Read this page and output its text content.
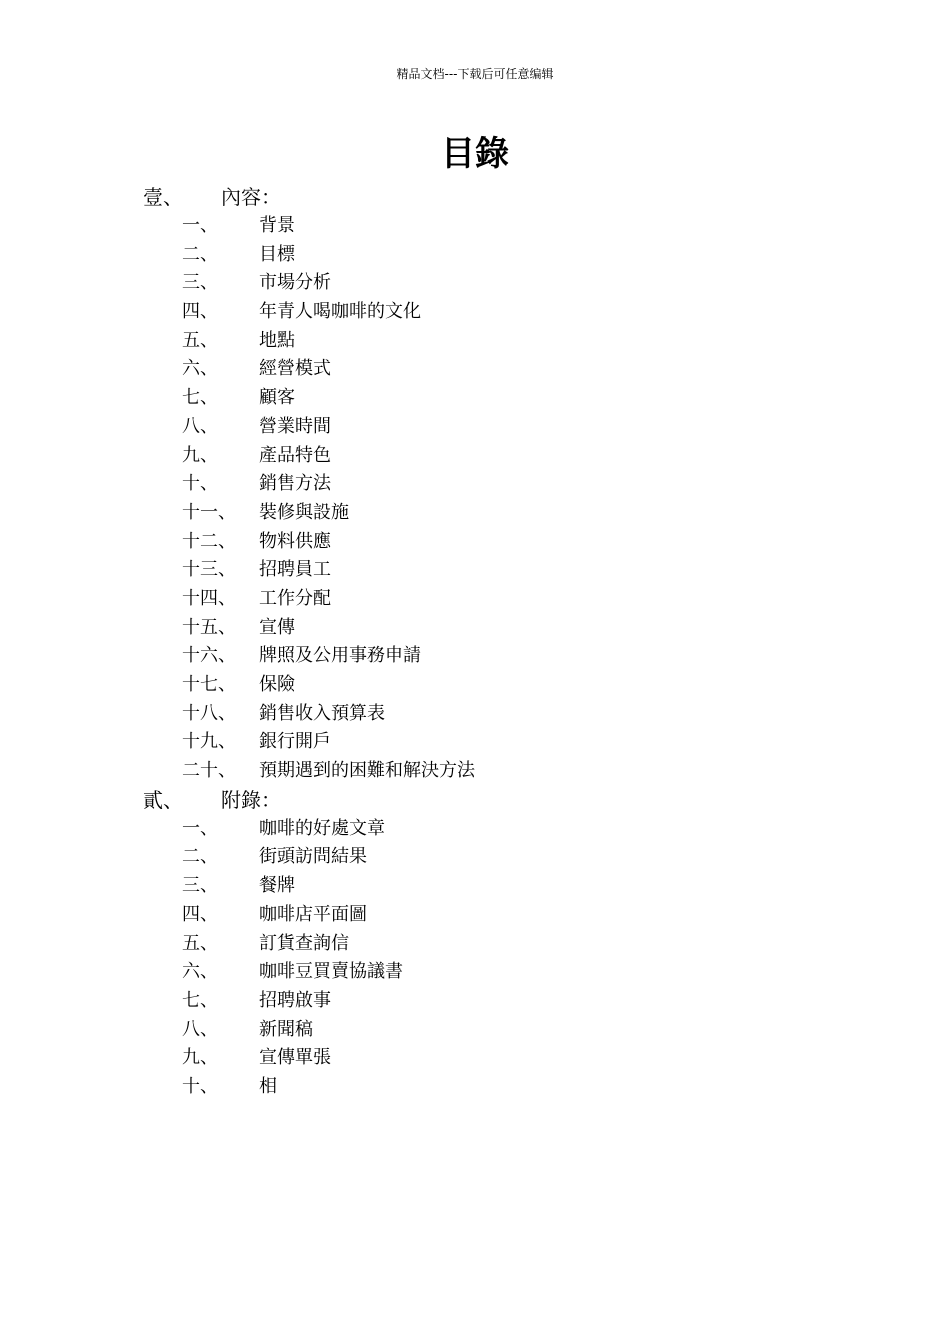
精品文档---下载后可任意编辑
目錄
壹、 內容：
一、 背景
二、 目標
三、 市場分析
四、 年青人喝咖啡的文化
五、 地點
六、 經營模式
七、 顧客
八、 營業時間
九、 產品特色
十、 銷售方法
十一、 裝修與設施
十二、 物料供應
十三、 招聘員工
十四、 工作分配
十五、 宣傳
十六、 牌照及公用事務申請
十七、 保險
十八、 銷售收入預算表
十九、 銀行開戶
二十、 預期遇到的困難和解決方法
貳、 附錄：
一、 咖啡的好處文章
二、 街頭訪問結果
三、 餐牌
四、 咖啡店平面圖
五、 訂貨查詢信
六、 咖啡豆買賣協議書
七、 招聘啟事
八、 新聞稿
九、 宣傳單張
十、 相
